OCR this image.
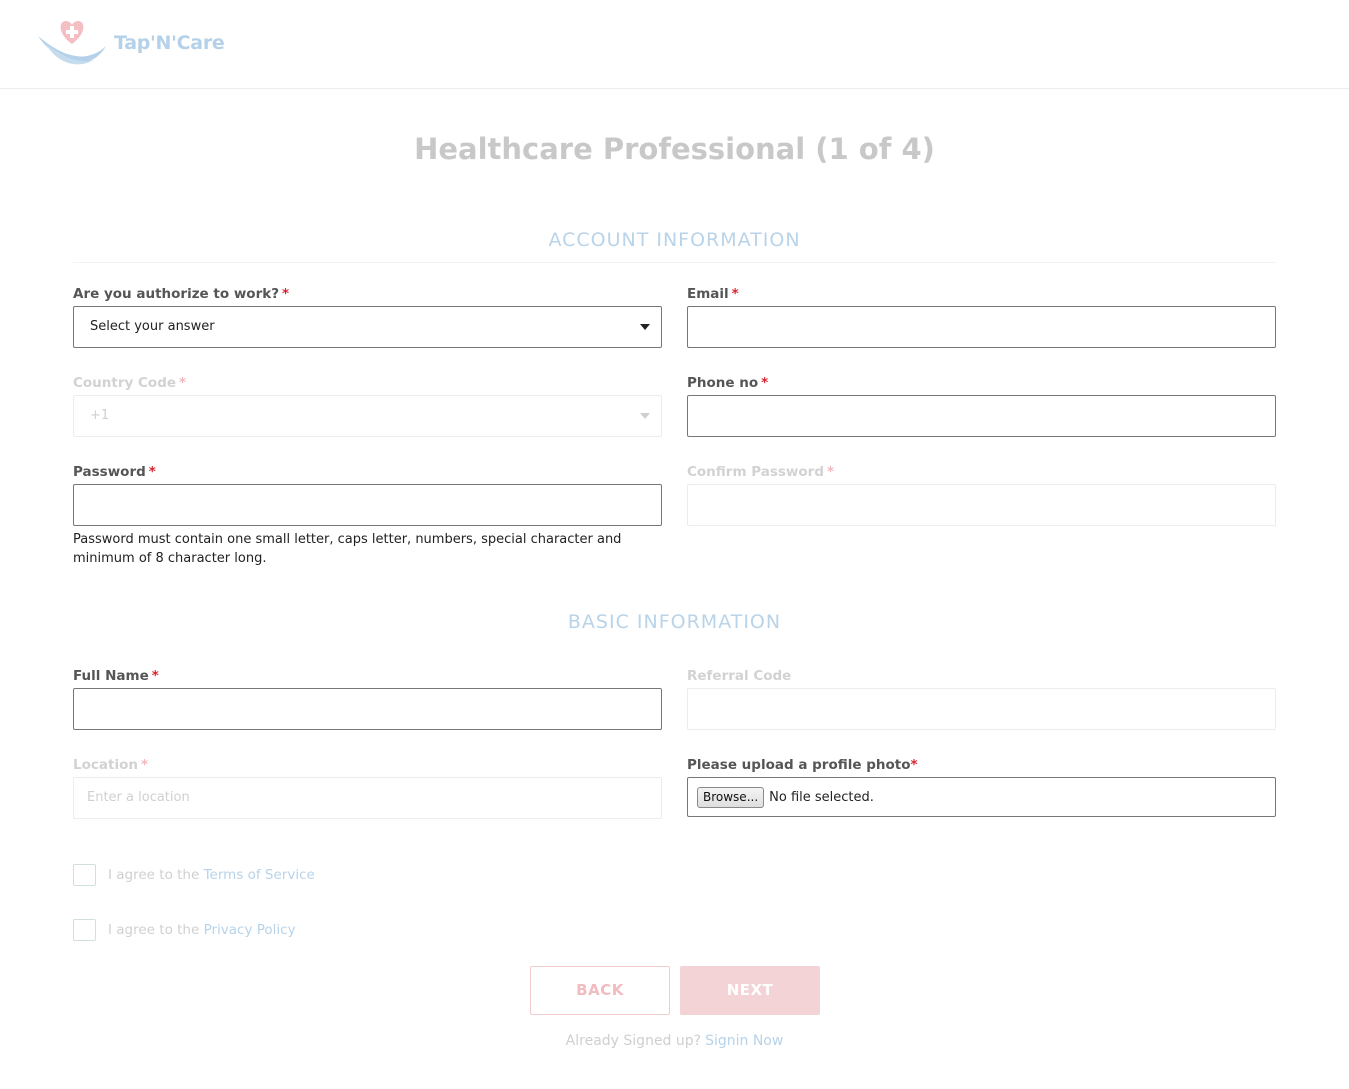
Tap'N'Care
Healthcare Professional (1 of 4)
ACCOUNT INFORMATION
Are you authorize to work? *
Select your answer
Email *
Country Code *
+1
Phone no *
Password *
Password must contain one small letter, caps letter, numbers, special character and minimum of 8 character long.
Confirm Password *
BASIC INFORMATION
Full Name *	Referral Code
Location *
Enter a location
Please upload a profile photo*
Browse... No file selected.
I agree to the Terms of Service
I agree to the Privacy Policy
BACK	NEXT
Already Signed up? Signin Now
